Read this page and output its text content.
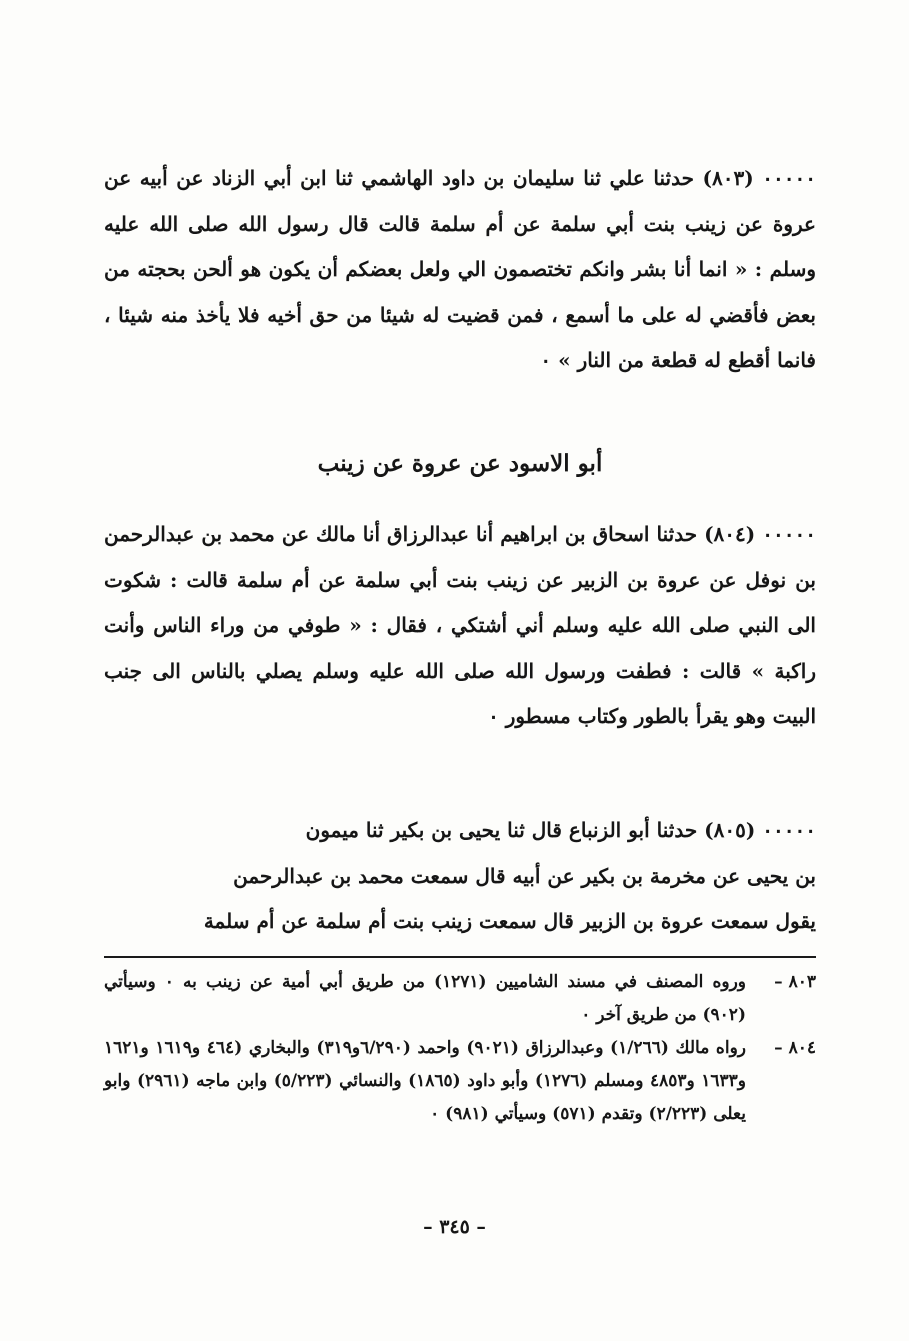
٠٠٠٠٠ (٨٠٣) حدثنا علي ثنا سليمان بن داود الهاشمي ثنا ابن أبي الزناد عن أبيه عن عروة عن زينب بنت أبي سلمة عن أم سلمة قالت قال رسول الله صلى الله عليه وسلم : « انما أنا بشر وانكم تختصمون الي ولعل بعضكم أن يكون هو ألحن بحجته من بعض فأقضي له على ما أسمع ، فمن قضيت له شيئا من حق أخيه فلا يأخذ منه شيئا ، فانما أقطع له قطعة من النار » ٠

أبو الاسود عن عروة عن زينب

٠٠٠٠٠ (٨٠٤) حدثنا اسحاق بن ابراهيم أنا عبدالرزاق أنا مالك عن محمد بن عبدالرحمن بن نوفل عن عروة بن الزبير عن زينب بنت أبي سلمة عن أم سلمة قالت : شكوت الى النبي صلى الله عليه وسلم أني أشتكي ، فقال : « طوفي من وراء الناس وأنت راكبة » قالت : فطفت ورسول الله صلى الله عليه وسلم يصلي بالناس الى جنب البيت وهو يقرأ بالطور وكتاب مسطور ٠

٠٠٠٠٠ (٨٠٥) حدثنا أبو الزنباع قال ثنا يحيى بن بكير ثنا ميمون
بن يحيى عن مخرمة بن بكير عن أبيه قال سمعت محمد بن عبدالرحمن
يقول سمعت عروة بن الزبير قال سمعت زينب بنت أم سلمة عن أم سلمة
٨٠٣ –
وروه المصنف في مسند الشاميين (١٢٧١) من طريق أبي أمية عن زينب به ٠ وسيأتي (٩٠٢) من طريق آخر ٠
٨٠٤ –
رواه مالك (١/٢٦٦) وعبدالرزاق (٩٠٢١) واحمد (٦/٢٩٠و٣١٩) والبخاري (٤٦٤ و١٦١٩ و١٦٢١ و١٦٣٣ و٤٨٥٣ ومسلم (١٢٧٦) وأبو داود (١٨٦٥) والنسائي (٥/٢٢٣) وابن ماجه (٢٩٦١) وابو يعلى (٢/٢٢٣) وتقدم (٥٧١) وسيأتي (٩٨١) ٠
– ٣٤٥ –
